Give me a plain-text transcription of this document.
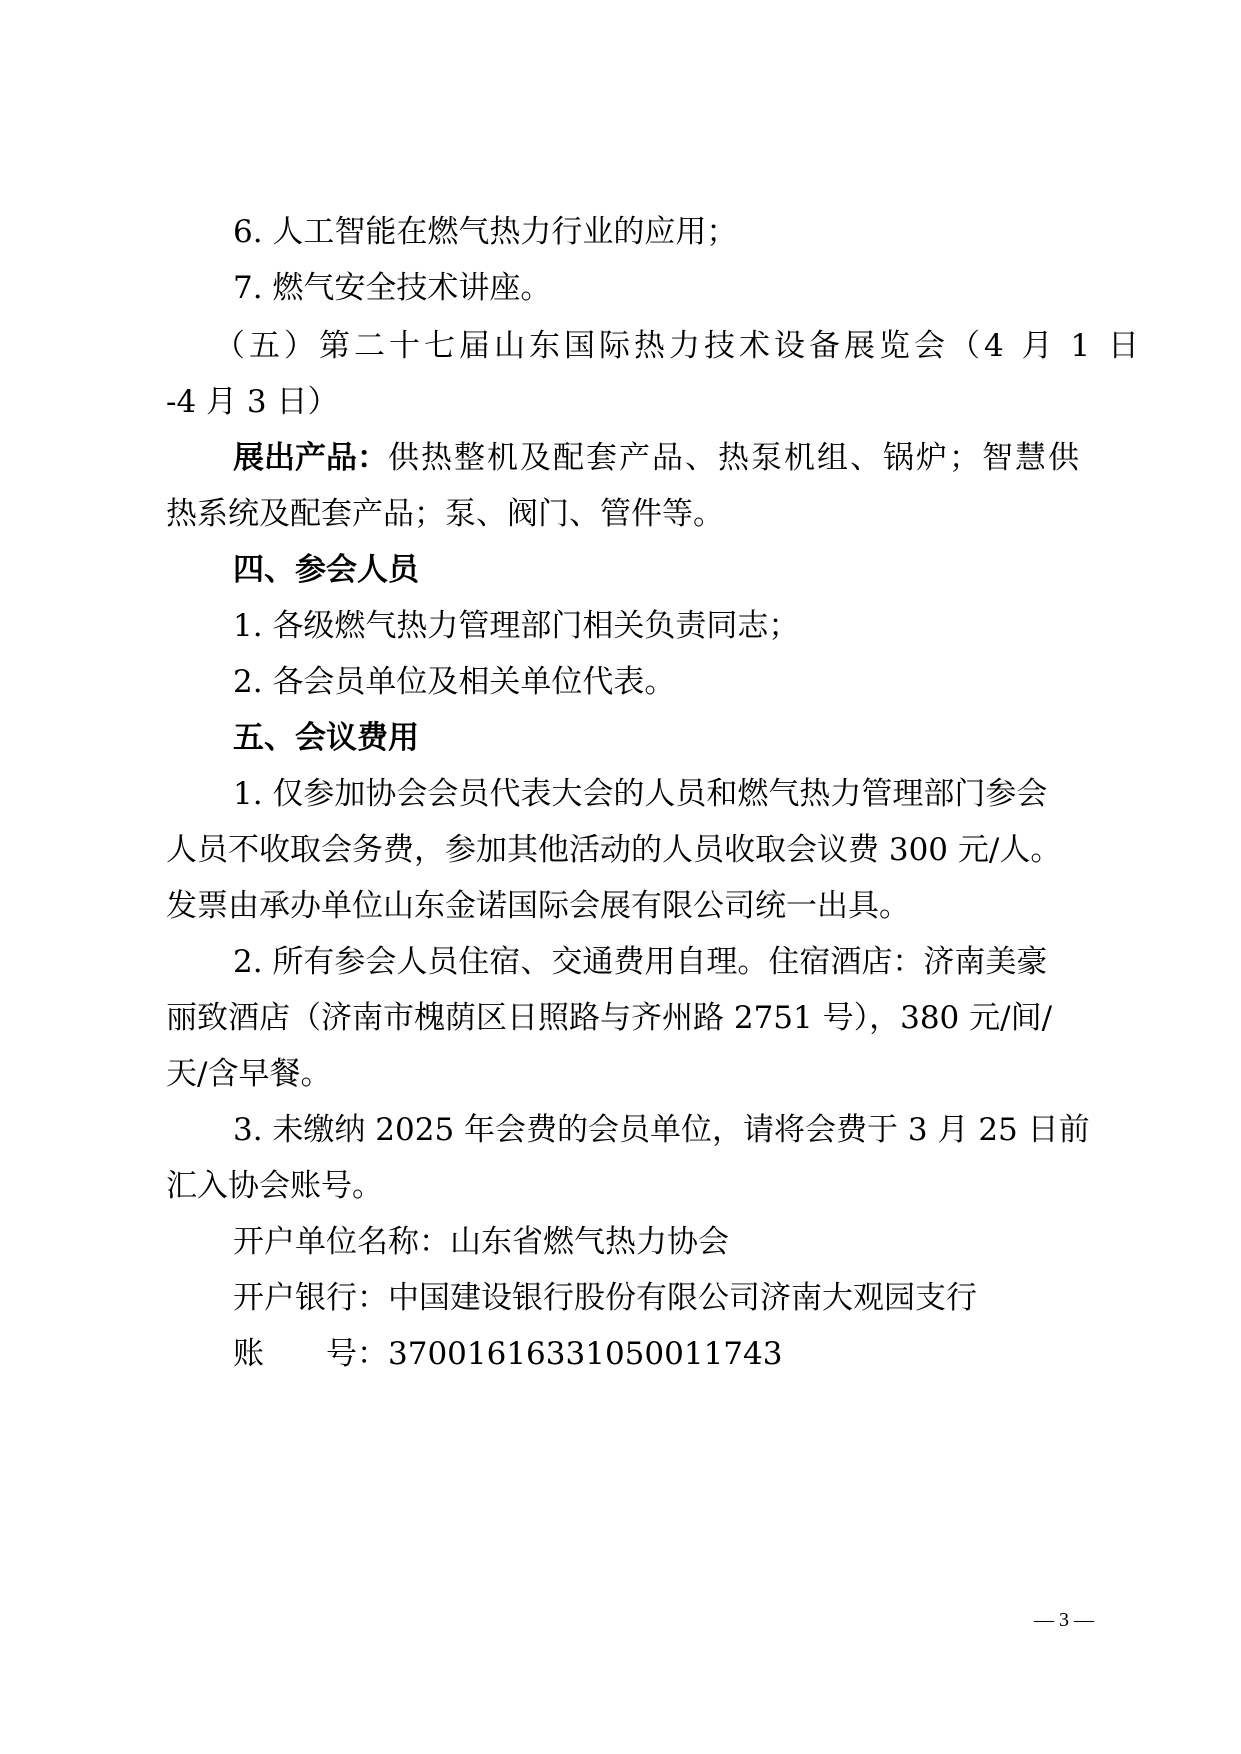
6. 人工智能在燃气热力行业的应用；
7. 燃气安全技术讲座。
（五）第二十七届山东国际热力技术设备展览会（4 月 1 日
-4 月 3 日）
展出产品：供热整机及配套产品、热泵机组、锅炉；智慧供
热系统及配套产品；泵、阀门、管件等。
四、参会人员
1. 各级燃气热力管理部门相关负责同志；
2. 各会员单位及相关单位代表。
五、会议费用
1. 仅参加协会会员代表大会的人员和燃气热力管理部门参会
人员不收取会务费，参加其他活动的人员收取会议费 300 元/人。
发票由承办单位山东金诺国际会展有限公司统一出具。
2. 所有参会人员住宿、交通费用自理。住宿酒店：济南美豪
丽致酒店（济南市槐荫区日照路与齐州路 2751 号），380 元/间/
天/含早餐。
3. 未缴纳 2025 年会费的会员单位，请将会费于 3 月 25 日前
汇入协会账号。
开户单位名称：山东省燃气热力协会
开户银行：中国建设银行股份有限公司济南大观园支行
账　　号：37001616331050011743
— 3 —
